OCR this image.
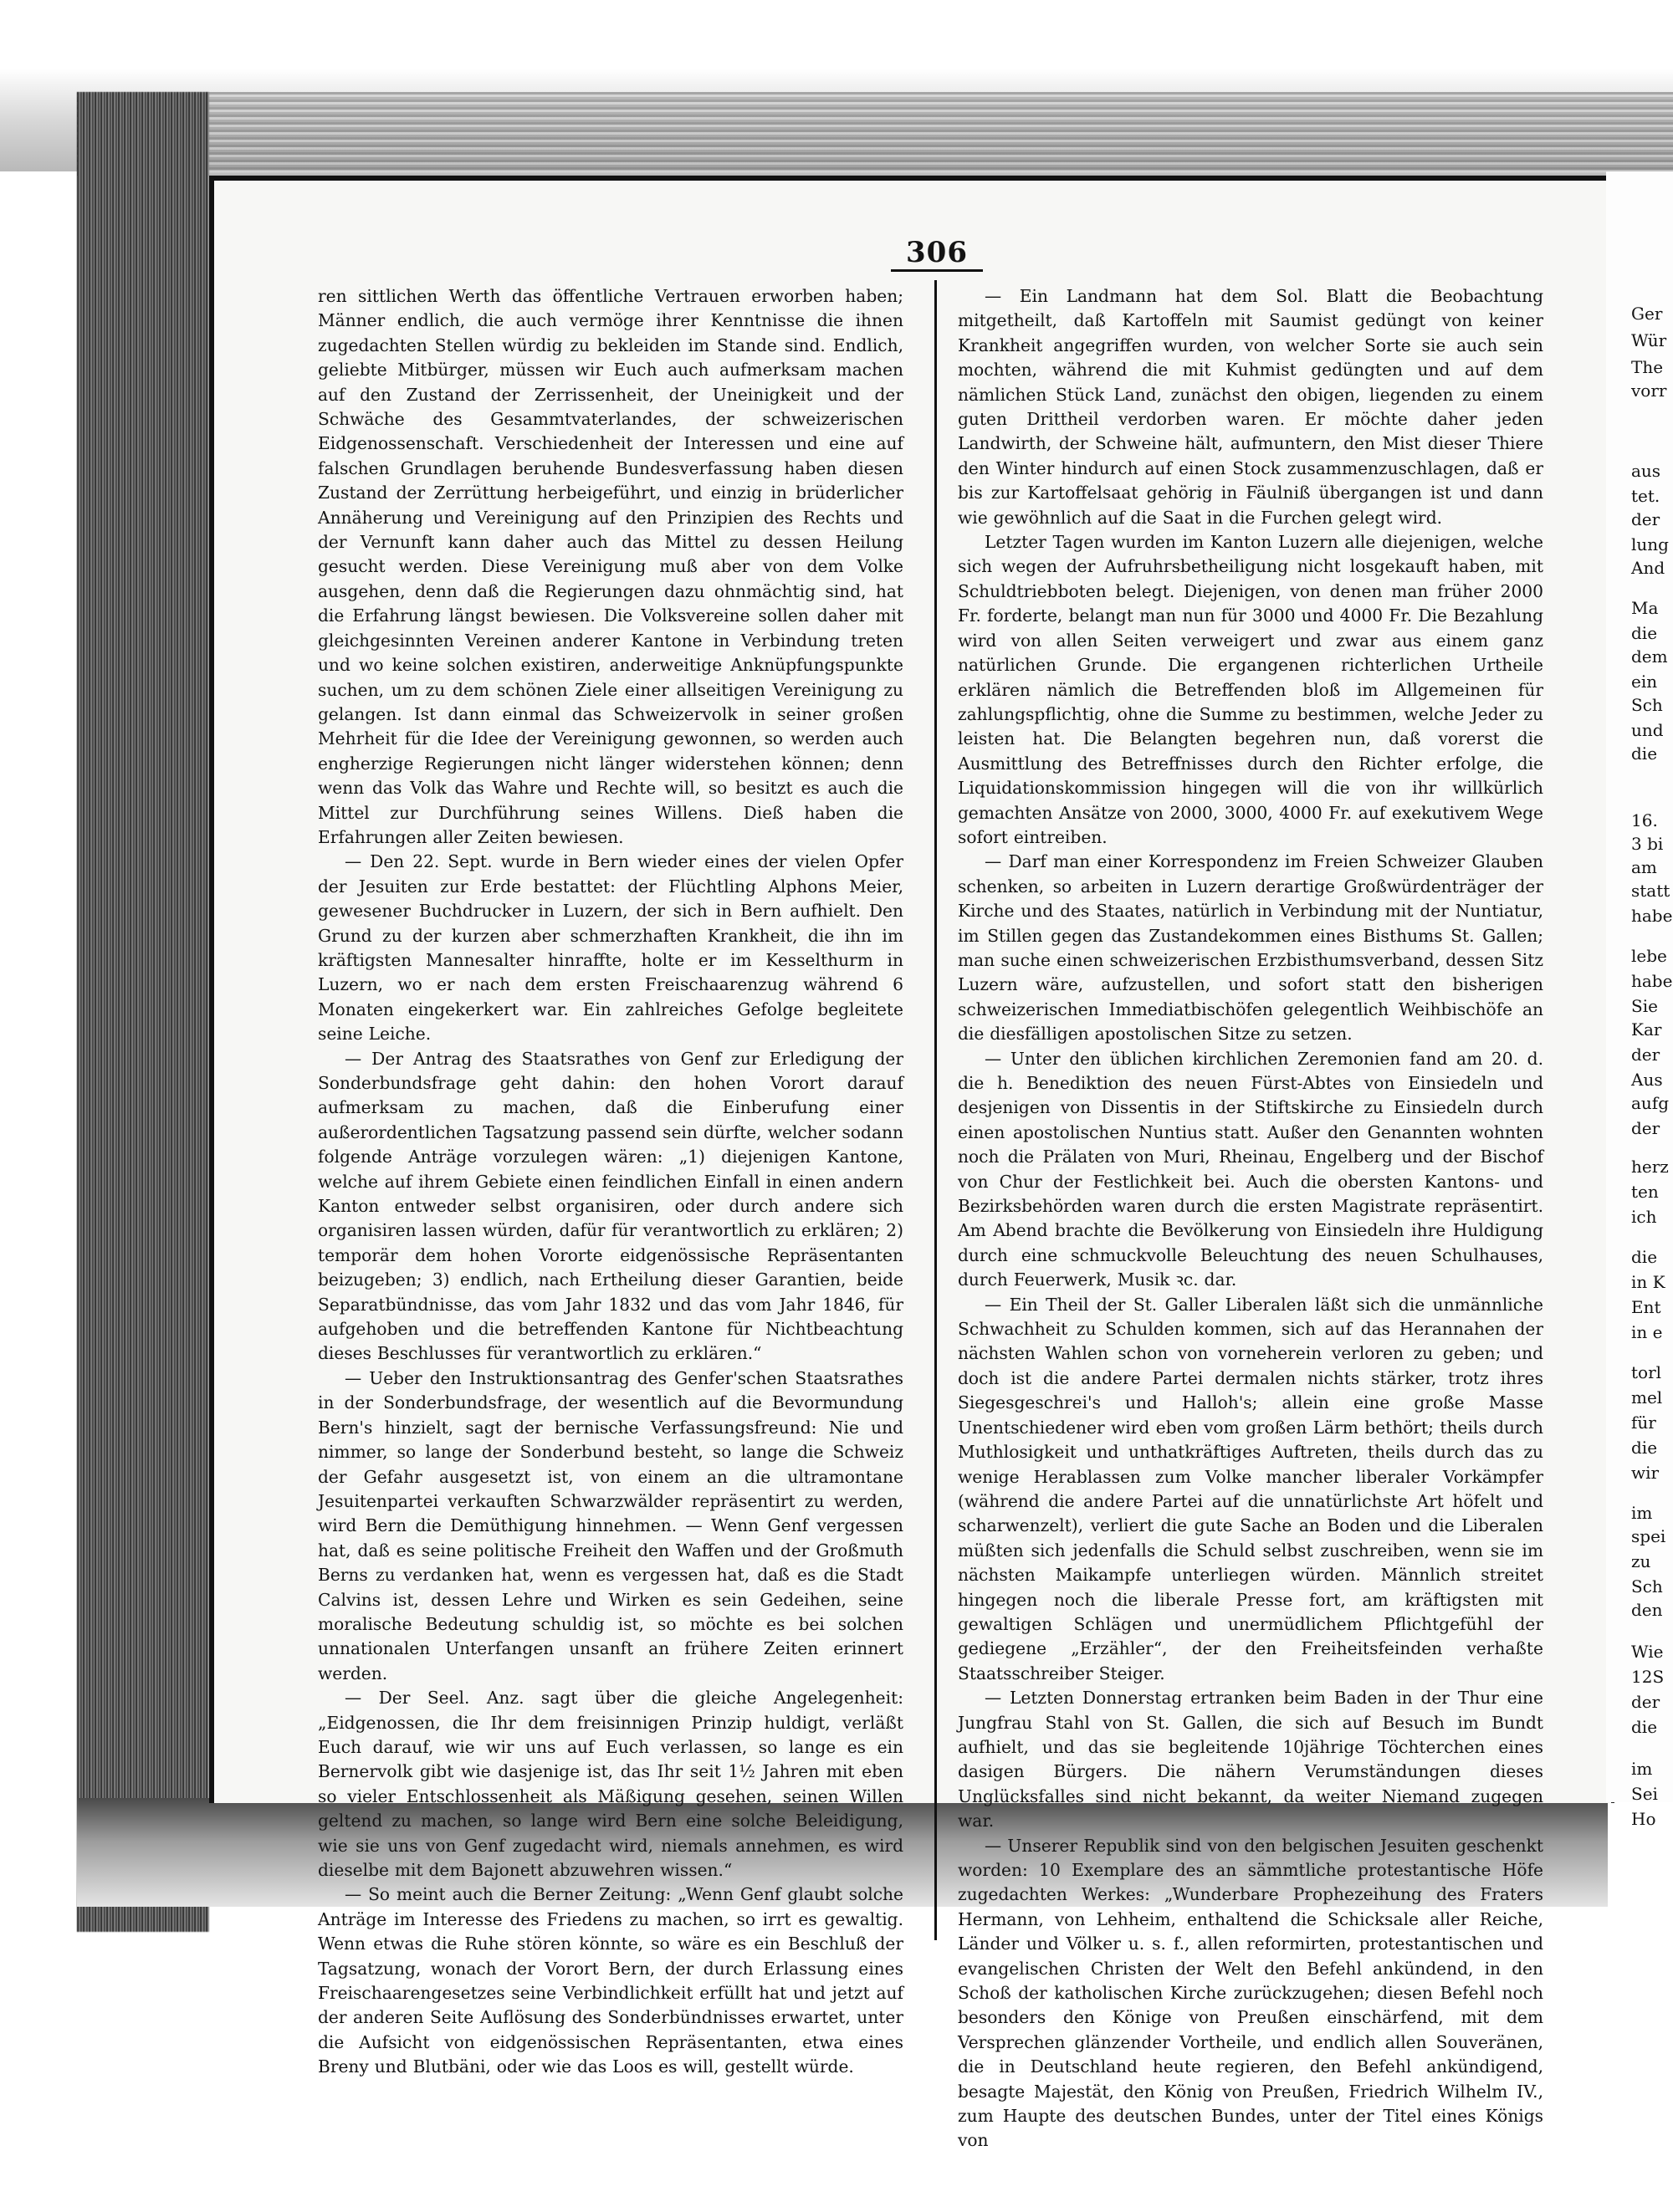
306

ren sittlichen Werth das öffentliche Vertrauen erworben haben; Männer endlich, die auch vermöge ihrer Kenntnisse die ihnen zugedachten Stellen würdig zu bekleiden im Stande sind. Endlich, geliebte Mitbürger, müssen wir Euch auch aufmerksam machen auf den Zustand der Zerrissenheit, der Uneinigkeit und der Schwäche des Gesammtvaterlandes, der schweizerischen Eidgenossenschaft. Verschiedenheit der Interessen und eine auf falschen Grundlagen beruhende Bundesverfassung haben diesen Zustand der Zerrüttung herbeigeführt, und einzig in brüderlicher Annäherung und Vereinigung auf den Prinzipien des Rechts und der Vernunft kann daher auch das Mittel zu dessen Heilung gesucht werden. Diese Vereinigung muß aber von dem Volke ausgehen, denn daß die Regierungen dazu ohnmächtig sind, hat die Erfahrung längst bewiesen. Die Volksvereine sollen daher mit gleichgesinnten Vereinen anderer Kantone in Verbindung treten und wo keine solchen existiren, anderweitige Anknüpfungspunkte suchen, um zu dem schönen Ziele einer allseitigen Vereinigung zu gelangen. Ist dann einmal das Schweizervolk in seiner großen Mehrheit für die Idee der Vereinigung gewonnen, so werden auch engherzige Regierungen nicht länger widerstehen können; denn wenn das Volk das Wahre und Rechte will, so besitzt es auch die Mittel zur Durchführung seines Willens. Dieß haben die Erfahrungen aller Zeiten bewiesen.

— Den 22. Sept. wurde in Bern wieder eines der vielen Opfer der Jesuiten zur Erde bestattet: der Flüchtling Alphons Meier, gewesener Buchdrucker in Luzern, der sich in Bern aufhielt. Den Grund zu der kurzen aber schmerzhaften Krankheit, die ihn im kräftigsten Mannesalter hinraffte, holte er im Kesselthurm in Luzern, wo er nach dem ersten Freischaarenzug während 6 Monaten eingekerkert war. Ein zahlreiches Gefolge begleitete seine Leiche.

— Der Antrag des Staatsrathes von Genf zur Erledigung der Sonderbundsfrage geht dahin: den hohen Vorort darauf aufmerksam zu machen, daß die Einberufung einer außerordentlichen Tagsatzung passend sein dürfte, welcher sodann folgende Anträge vorzulegen wären: „1) diejenigen Kantone, welche auf ihrem Gebiete einen feindlichen Einfall in einen andern Kanton entweder selbst organisiren, oder durch andere sich organisiren lassen würden, dafür für verantwortlich zu erklären; 2) temporär dem hohen Vororte eidgenössische Repräsentanten beizugeben; 3) endlich, nach Ertheilung dieser Garantien, beide Separatbündnisse, das vom Jahr 1832 und das vom Jahr 1846, für aufgehoben und die betreffenden Kantone für Nichtbeachtung dieses Beschlusses für verantwortlich zu erklären.“

— Ueber den Instruktionsantrag des Genfer'schen Staatsrathes in der Sonderbundsfrage, der wesentlich auf die Bevormundung Bern's hinzielt, sagt der bernische Verfassungsfreund: Nie und nimmer, so lange der Sonderbund besteht, so lange die Schweiz der Gefahr ausgesetzt ist, von einem an die ultramontane Jesuitenpartei verkauften Schwarzwälder repräsentirt zu werden, wird Bern die Demüthigung hinnehmen. — Wenn Genf vergessen hat, daß es seine politische Freiheit den Waffen und der Großmuth Berns zu verdanken hat, wenn es vergessen hat, daß es die Stadt Calvins ist, dessen Lehre und Wirken es sein Gedeihen, seine moralische Bedeutung schuldig ist, so möchte es bei solchen unnationalen Unterfangen unsanft an frühere Zeiten erinnert werden.

— Der Seel. Anz. sagt über die gleiche Angelegenheit: „Eidgenossen, die Ihr dem freisinnigen Prinzip huldigt, verläßt Euch darauf, wie wir uns auf Euch verlassen, so lange es ein Bernervolk gibt wie dasjenige ist, das Ihr seit 1½ Jahren mit eben so vieler Entschlossenheit als Mäßigung gesehen, seinen Willen geltend zu machen, so lange wird Bern eine solche Beleidigung, wie sie uns von Genf zugedacht wird, niemals annehmen, es wird dieselbe mit dem Bajonett abzuwehren wissen.“

— So meint auch die Berner Zeitung: „Wenn Genf glaubt solche Anträge im Interesse des Friedens zu machen, so irrt es gewaltig. Wenn etwas die Ruhe stören könnte, so wäre es ein Beschluß der Tagsatzung, wonach der Vorort Bern, der durch Erlassung eines Freischaarengesetzes seine Verbindlichkeit erfüllt hat und jetzt auf der anderen Seite Auflösung des Sonderbündnisses erwartet, unter die Aufsicht von eidgenössischen Repräsentanten, etwa eines Breny und Blutbäni, oder wie das Loos es will, gestellt würde.

— Ein Landmann hat dem Sol. Blatt die Beobachtung mitgetheilt, daß Kartoffeln mit Saumist gedüngt von keiner Krankheit angegriffen wurden, von welcher Sorte sie auch sein mochten, während die mit Kuhmist gedüngten und auf dem nämlichen Stück Land, zunächst den obigen, liegenden zu einem guten Drittheil verdorben waren. Er möchte daher jeden Landwirth, der Schweine hält, aufmuntern, den Mist dieser Thiere den Winter hindurch auf einen Stock zusammenzuschlagen, daß er bis zur Kartoffelsaat gehörig in Fäulniß übergangen ist und dann wie gewöhnlich auf die Saat in die Furchen gelegt wird.

Letzter Tagen wurden im Kanton Luzern alle diejenigen, welche sich wegen der Aufruhrsbetheiligung nicht losgekauft haben, mit Schuldtriebboten belegt. Diejenigen, von denen man früher 2000 Fr. forderte, belangt man nun für 3000 und 4000 Fr. Die Bezahlung wird von allen Seiten verweigert und zwar aus einem ganz natürlichen Grunde. Die ergangenen richterlichen Urtheile erklären nämlich die Betreffenden bloß im Allgemeinen für zahlungspflichtig, ohne die Summe zu bestimmen, welche Jeder zu leisten hat. Die Belangten begehren nun, daß vorerst die Ausmittlung des Betreffnisses durch den Richter erfolge, die Liquidationskommission hingegen will die von ihr willkürlich gemachten Ansätze von 2000, 3000, 4000 Fr. auf exekutivem Wege sofort eintreiben.

— Darf man einer Korrespondenz im Freien Schweizer Glauben schenken, so arbeiten in Luzern derartige Großwürdenträger der Kirche und des Staates, natürlich in Verbindung mit der Nuntiatur, im Stillen gegen das Zustandekommen eines Bisthums St. Gallen; man suche einen schweizerischen Erzbisthumsverband, dessen Sitz Luzern wäre, aufzustellen, und sofort statt den bisherigen schweizerischen Immediatbischöfen gelegentlich Weihbischöfe an die diesfälligen apostolischen Sitze zu setzen.

— Unter den üblichen kirchlichen Zeremonien fand am 20. d. die h. Benediktion des neuen Fürst-Abtes von Einsiedeln und desjenigen von Dissentis in der Stiftskirche zu Einsiedeln durch einen apostolischen Nuntius statt. Außer den Genannten wohnten noch die Prälaten von Muri, Rheinau, Engelberg und der Bischof von Chur der Festlichkeit bei. Auch die obersten Kantons- und Bezirksbehörden waren durch die ersten Magistrate repräsentirt. Am Abend brachte die Bevölkerung von Einsiedeln ihre Huldigung durch eine schmuckvolle Beleuchtung des neuen Schulhauses, durch Feuerwerk, Musik ꝛc. dar.

— Ein Theil der St. Galler Liberalen läßt sich die unmännliche Schwachheit zu Schulden kommen, sich auf das Herannahen der nächsten Wahlen schon von vorneherein verloren zu geben; und doch ist die andere Partei dermalen nichts stärker, trotz ihres Siegesgeschrei's und Halloh's; allein eine große Masse Unentschiedener wird eben vom großen Lärm bethört; theils durch Muthlosigkeit und unthatkräftiges Auftreten, theils durch das zu wenige Herablassen zum Volke mancher liberaler Vorkämpfer (während die andere Partei auf die unnatürlichste Art höfelt und scharwenzelt), verliert die gute Sache an Boden und die Liberalen müßten sich jedenfalls die Schuld selbst zuschreiben, wenn sie im nächsten Maikampfe unterliegen würden. Männlich streitet hingegen noch die liberale Presse fort, am kräftigsten mit gewaltigen Schlägen und unermüdlichem Pflichtgefühl der gediegene „Erzähler“, der den Freiheitsfeinden verhaßte Staatsschreiber Steiger.

— Letzten Donnerstag ertranken beim Baden in der Thur eine Jungfrau Stahl von St. Gallen, die sich auf Besuch im Bundt aufhielt, und das sie begleitende 10jährige Töchterchen eines dasigen Bürgers. Die nähern Verumständungen dieses Unglücksfalles sind nicht bekannt, da weiter Niemand zugegen war.

— Unserer Republik sind von den belgischen Jesuiten geschenkt worden: 10 Exemplare des an sämmtliche protestantische Höfe zugedachten Werkes: „Wunderbare Prophezeihung des Fraters Hermann, von Lehheim, enthaltend die Schicksale aller Reiche, Länder und Völker u. s. f., allen reformirten, protestantischen und evangelischen Christen der Welt den Befehl ankündend, in den Schoß der katholischen Kirche zurückzugehen; diesen Befehl noch besonders den Könige von Preußen einschärfend, mit dem Versprechen glänzender Vortheile, und endlich allen Souveränen, die in Deutschland heute regieren, den Befehl ankündigend, besagte Majestät, den König von Preußen, Friedrich Wilhelm IV., zum Haupte des deutschen Bundes, unter der Titel eines Königs von

Ger
Wür
The
vorr
aus
tet.
der
lung
And
Ma
die
dem
ein
Sch
und
die
16.
3 bi
am
statt
habe
lebe
habe
Sie
Kar
der
Aus
aufg
der
herz
ten
ich
die
in K
Ent
in e
torl
mel
für
die
wir
im
spei
zu
Sch
den
Wie
12S
der
die
im
Sei
Ho
